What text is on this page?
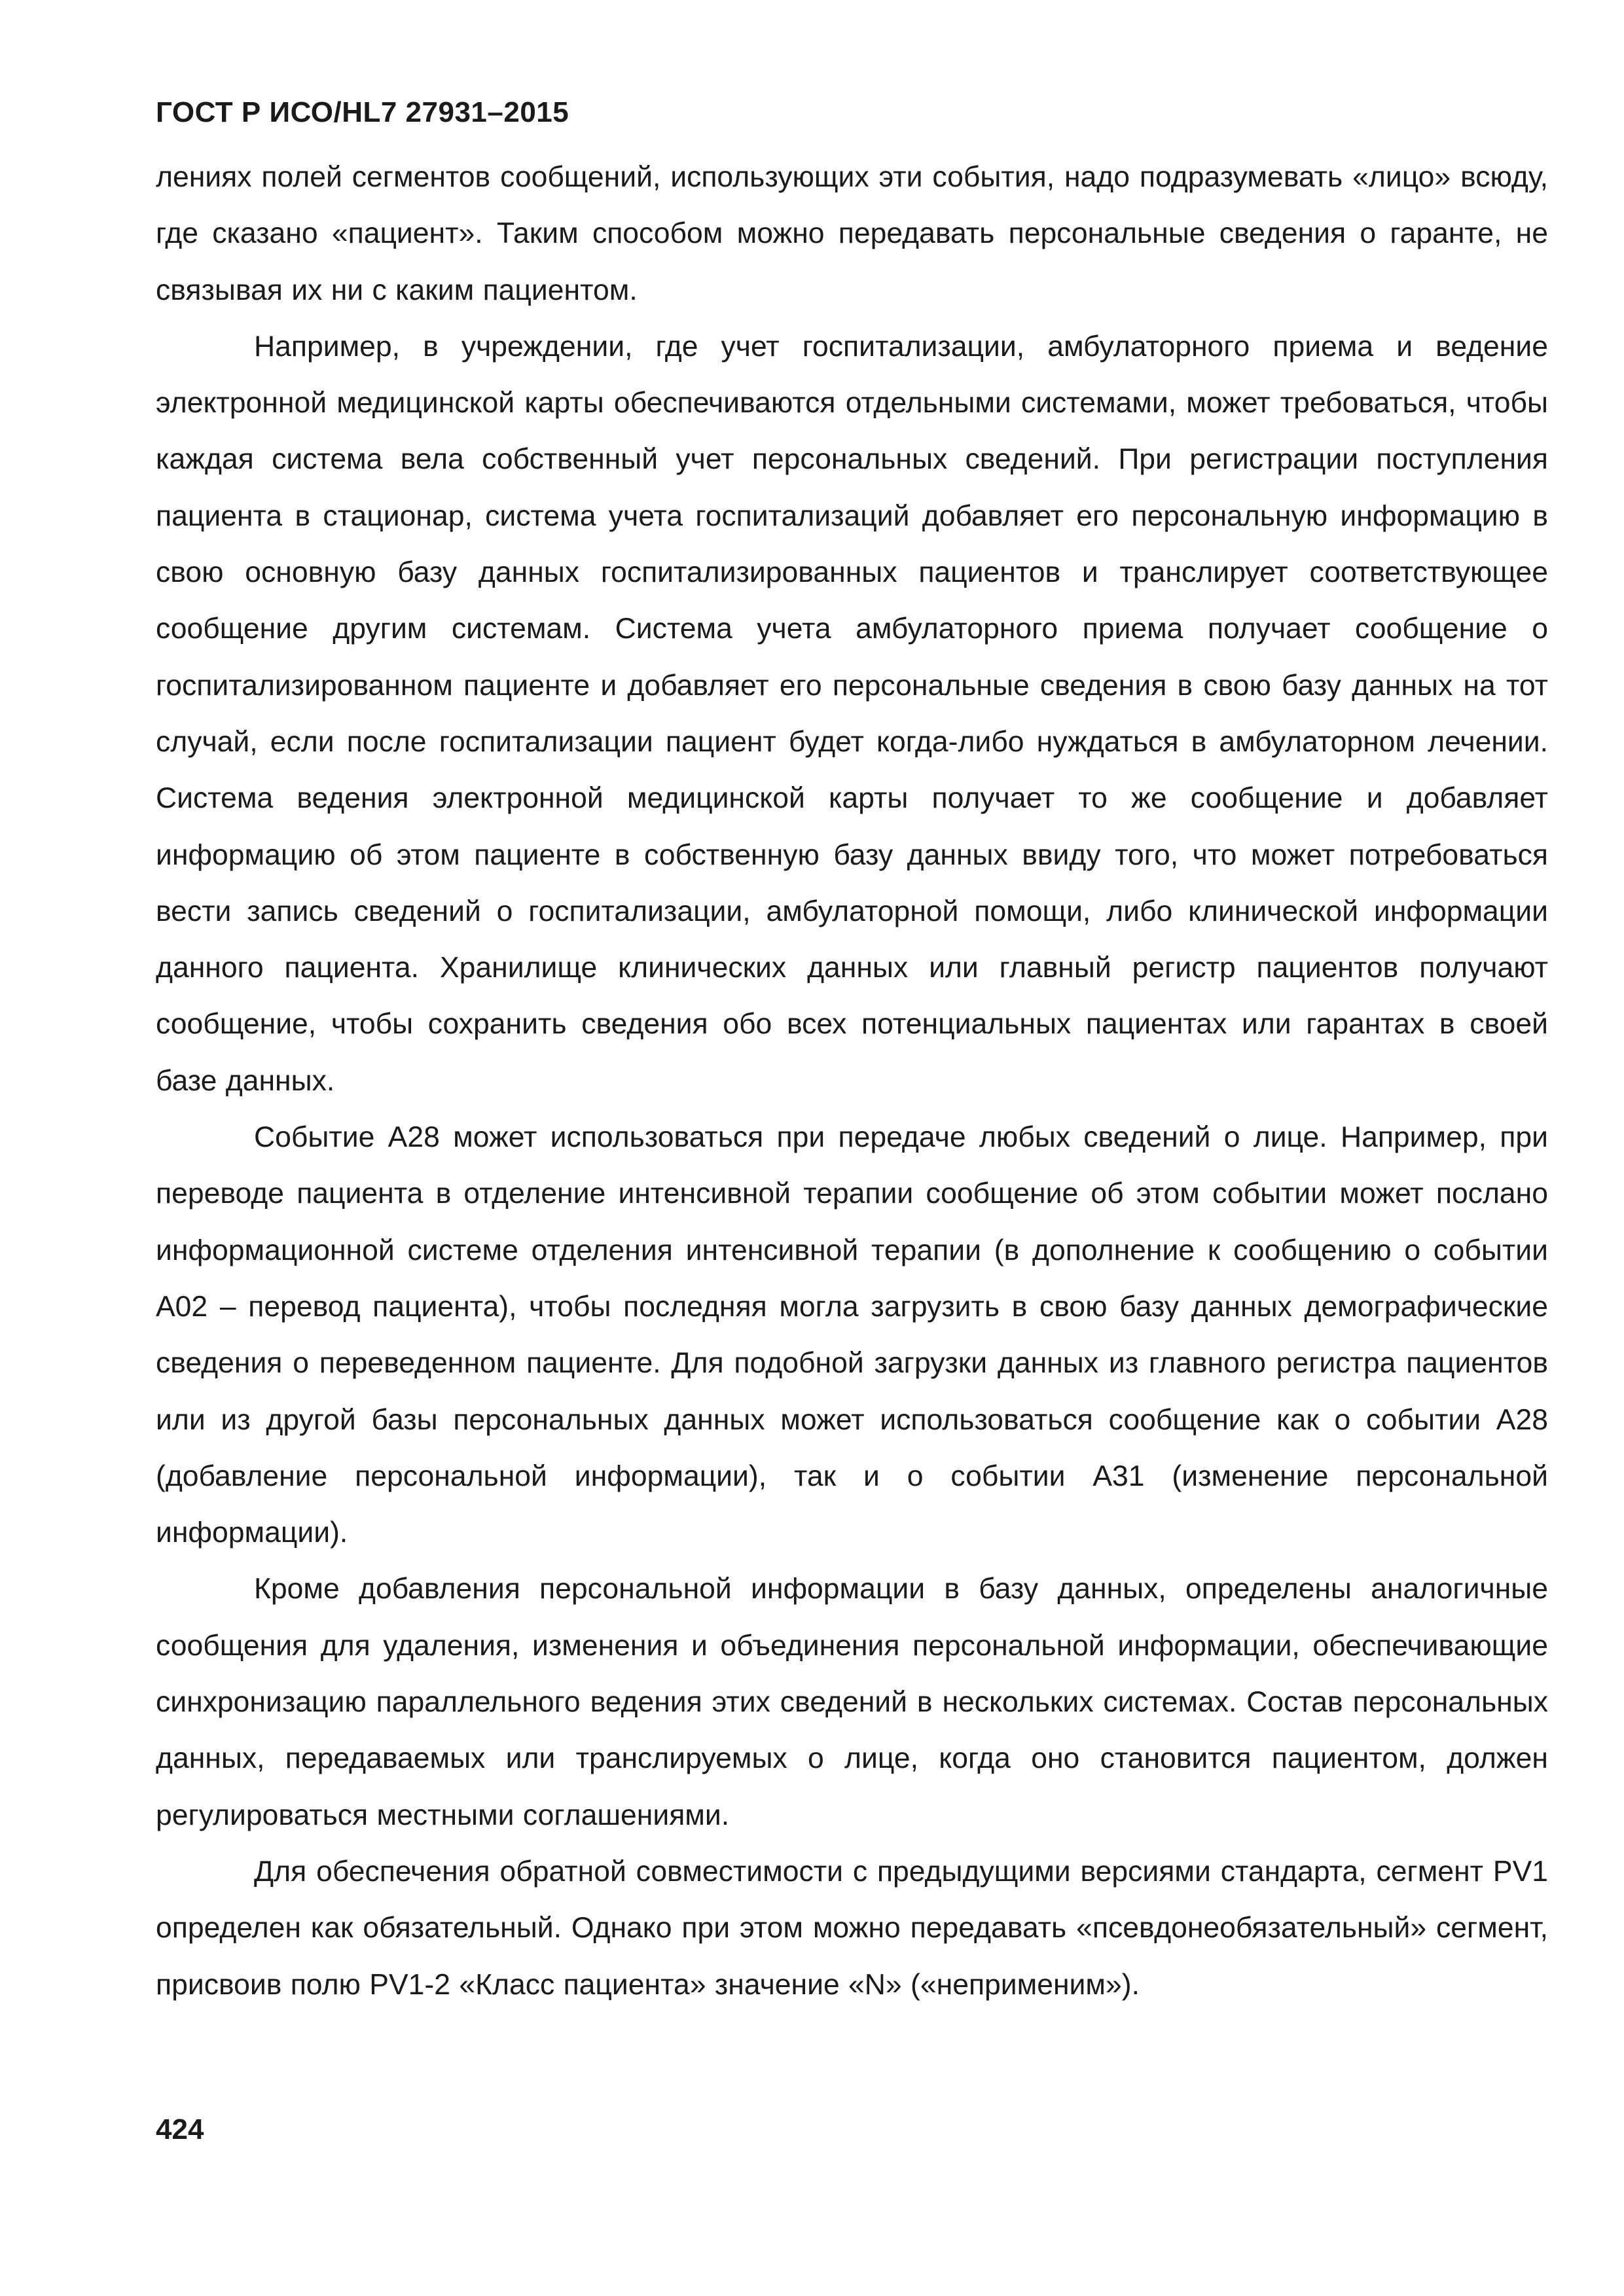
ГОСТ Р ИСО/HL7 27931–2015

лениях полей сегментов сообщений, использующих эти события, надо подразумевать «лицо» всюду, где сказано «пациент». Таким способом можно передавать персональные сведения о гаранте, не связывая их ни с каким пациентом.

Например, в учреждении, где учет госпитализации, амбулаторного приема и ведение электронной медицинской карты обеспечиваются отдельными системами, может требоваться, чтобы каждая система вела собственный учет персональных сведений. При регистрации поступления пациента в стационар, система учета госпитализаций добавляет его персональную информацию в свою основную базу данных госпитализированных пациентов и транслирует соответствующее сообщение другим системам. Система учета амбулаторного приема получает сообщение о госпитализированном пациенте и добавляет его персональные сведения в свою базу данных на тот случай, если после госпитализации пациент будет когда-либо нуждаться в амбулаторном лечении. Система ведения электронной медицинской карты получает то же сообщение и добавляет информацию об этом пациенте в собственную базу данных ввиду того, что может потребоваться вести запись сведений о госпитализации, амбулаторной помощи, либо клинической информации данного пациента. Хранилище клинических данных или главный регистр пациентов получают сообщение, чтобы сохранить сведения обо всех потенциальных пациентах или гарантах в своей базе данных.

Событие А28 может использоваться при передаче любых сведений о лице. Например, при переводе пациента в отделение интенсивной терапии сообщение об этом событии может послано информационной системе отделения интенсивной терапии (в дополнение к сообщению о событии А02 – перевод пациента), чтобы последняя могла загрузить в свою базу данных демографические сведения о переведенном пациенте. Для подобной загрузки данных из главного регистра пациентов или из другой базы персональных данных может использоваться сообщение как о событии А28 (добавление персональной информации), так и о событии А31 (изменение персональной информации).

Кроме добавления персональной информации в базу данных, определены аналогичные сообщения для удаления, изменения и объединения персональной информации, обеспечивающие синхронизацию параллельного ведения этих сведений в нескольких системах. Состав персональных данных, передаваемых или транслируемых о лице, когда оно становится пациентом, должен регулироваться местными соглашениями.

Для обеспечения обратной совместимости с предыдущими версиями стандарта, сегмент PV1 определен как обязательный. Однако при этом можно передавать «псевдонеобязательный» сегмент, присвоив полю PV1-2 «Класс пациента» значение «N» («неприменим»).

424
